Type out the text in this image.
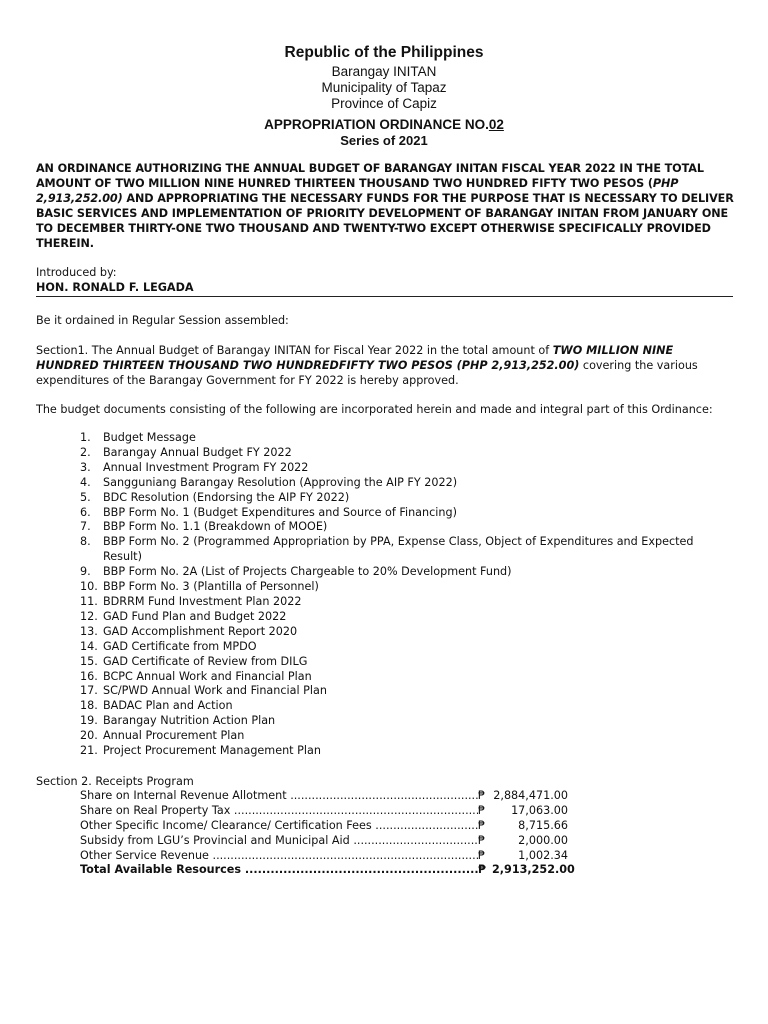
Republic of the Philippines
Barangay INITAN
Municipality of Tapaz
Province of Capiz
APPROPRIATION ORDINANCE NO.02
Series of 2021
AN ORDINANCE AUTHORIZING THE ANNUAL BUDGET OF BARANGAY INITAN FISCAL YEAR 2022 IN THE TOTAL AMOUNT OF TWO MILLION NINE HUNRED THIRTEEN THOUSAND TWO HUNDRED FIFTY TWO PESOS (PHP 2,913,252.00) AND APPROPRIATING THE NECESSARY FUNDS FOR THE PURPOSE THAT IS NECESSARY TO DELIVER BASIC SERVICES AND IMPLEMENTATION OF PRIORITY DEVELOPMENT OF BARANGAY INITAN FROM JANUARY ONE TO DECEMBER THIRTY-ONE TWO THOUSAND AND TWENTY-TWO EXCEPT OTHERWISE SPECIFICALLY PROVIDED THEREIN.
Introduced by:
HON. RONALD F. LEGADA
Be it ordained in Regular Session assembled:
Section1. The Annual Budget of Barangay INITAN for Fiscal Year 2022 in the total amount of TWO MILLION NINE HUNDRED THIRTEEN THOUSAND TWO HUNDREDFIFTY TWO PESOS (PHP 2,913,252.00) covering the various expenditures of the Barangay Government for FY 2022 is hereby approved.
The budget documents consisting of the following are incorporated herein and made and integral part of this Ordinance:
1. Budget Message
2. Barangay Annual Budget FY 2022
3. Annual Investment Program FY 2022
4. Sangguniang Barangay Resolution (Approving the AIP FY 2022)
5. BDC Resolution (Endorsing the AIP FY 2022)
6. BBP Form No. 1 (Budget Expenditures and Source of Financing)
7. BBP Form No. 1.1 (Breakdown of MOOE)
8. BBP Form No. 2 (Programmed Appropriation by PPA, Expense Class, Object of Expenditures and Expected Result)
9. BBP Form No. 2A (List of Projects Chargeable to 20% Development Fund)
10. BBP Form No. 3 (Plantilla of Personnel)
11. BDRRM Fund Investment Plan 2022
12. GAD Fund Plan and Budget 2022
13. GAD Accomplishment Report 2020
14. GAD Certificate from MPDO
15. GAD Certificate of Review from DILG
16. BCPC Annual Work and Financial Plan
17. SC/PWD Annual Work and Financial Plan
18. BADAC Plan and Action
19. Barangay Nutrition Action Plan
20. Annual Procurement Plan
21. Project Procurement Management Plan
Section 2. Receipts Program
Share on Internal Revenue Allotment .....	₱ 2,884,471.00
Share on Real Property Tax .....	₱ 17,063.00
Other Specific Income/ Clearance/ Certification Fees .....	₱	8,715.66
Subsidy from LGU’s Provincial and Municipal Aid .....	₱	2,000.00
Other Service Revenue .....	₱	1,002.34
Total Available Resources .....	₱ 2,913,252.00
